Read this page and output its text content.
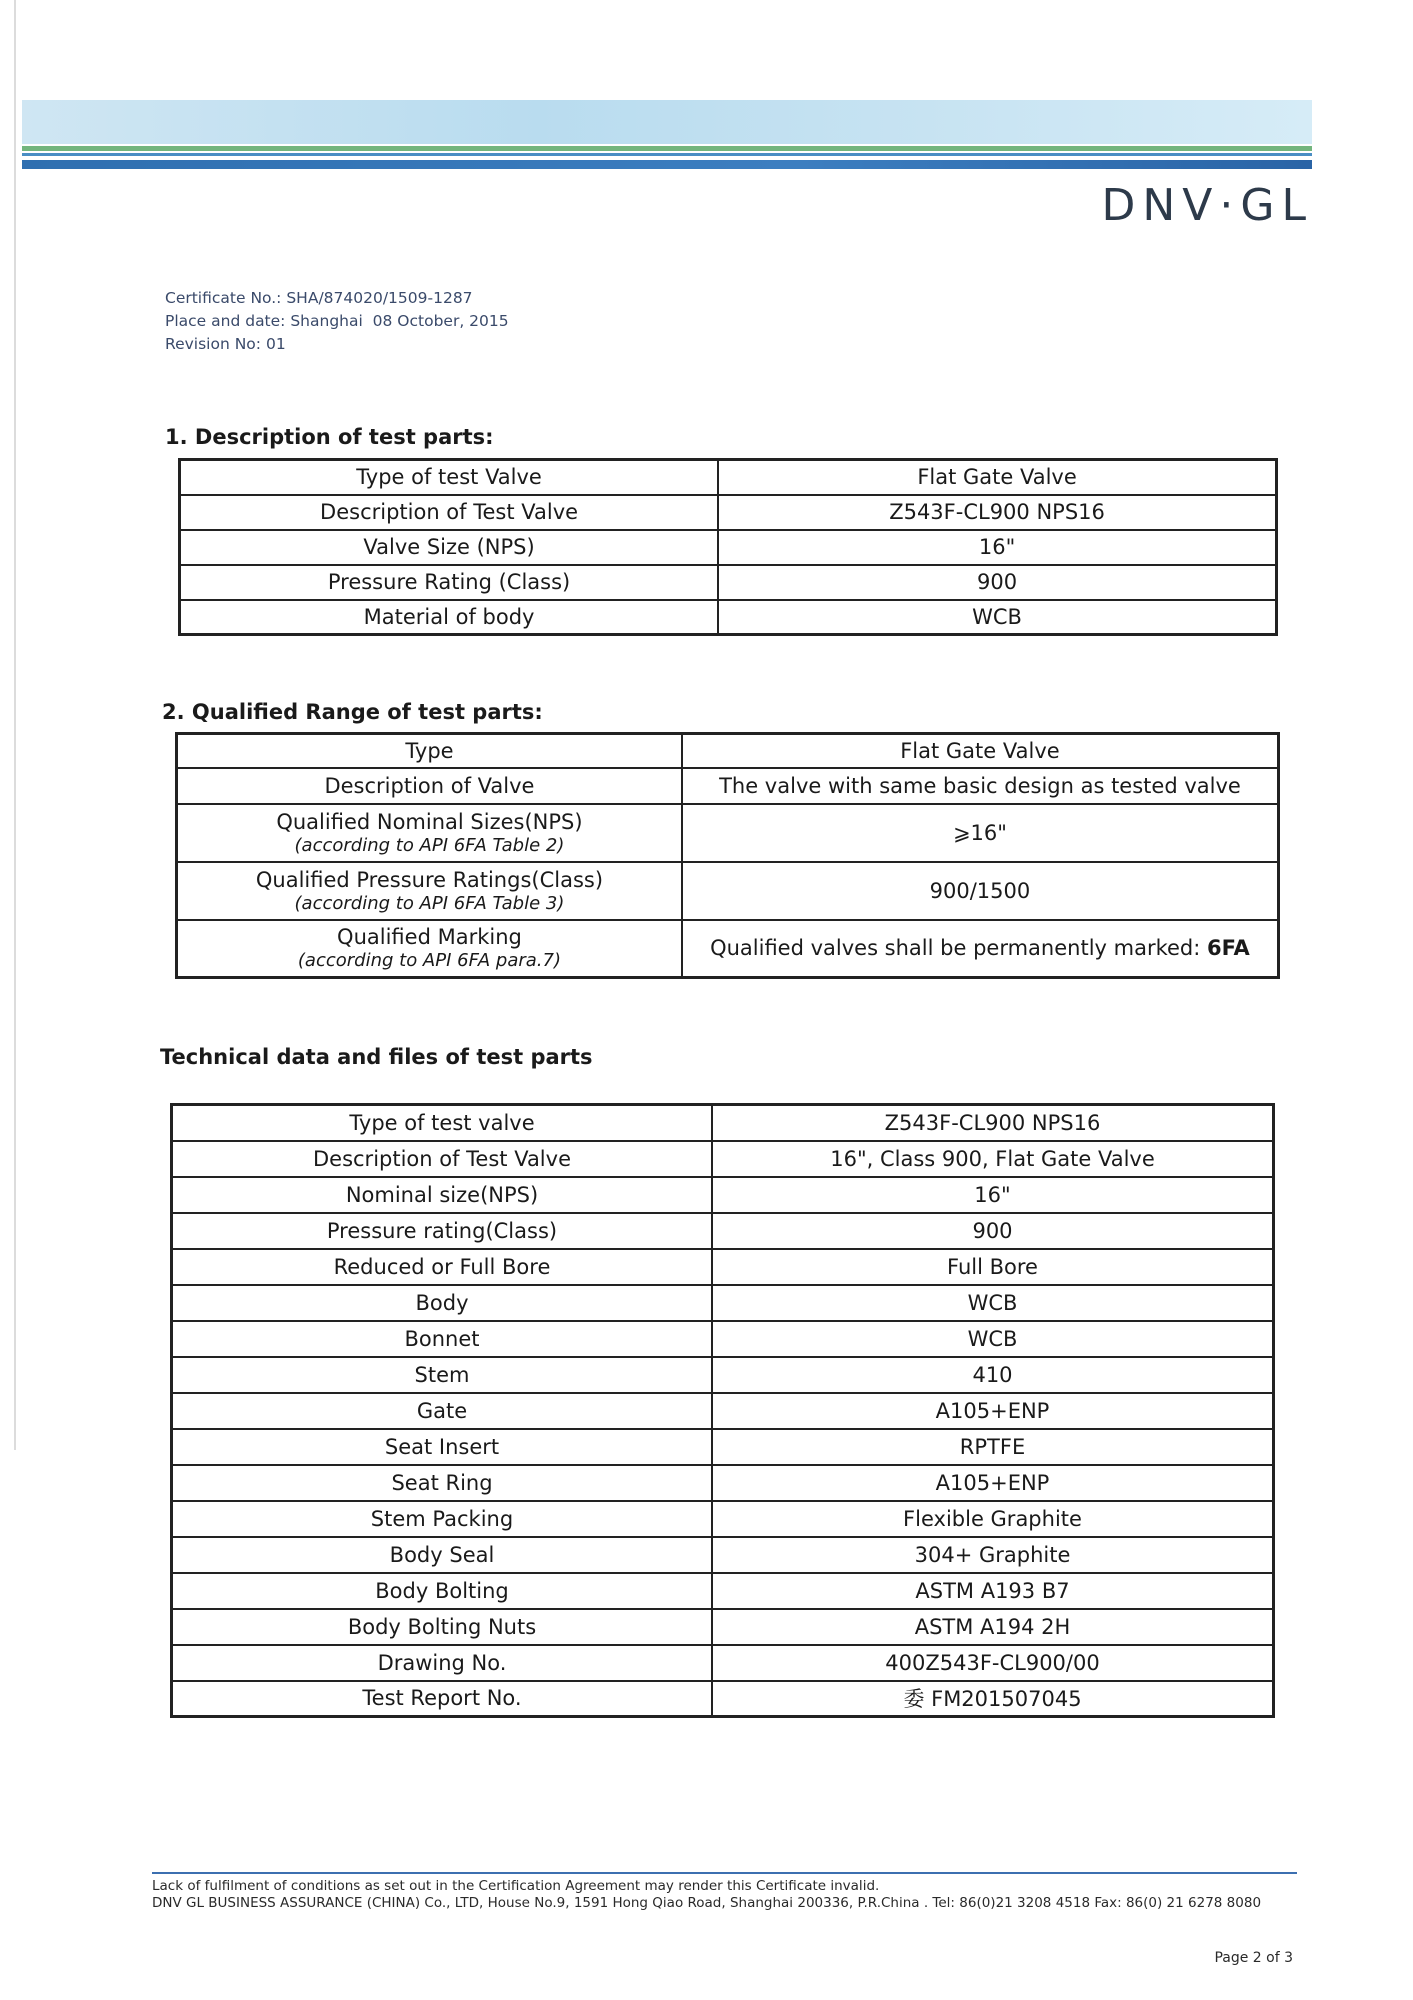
DNV·GL
Certificate No.: SHA/874020/1509-1287
Place and date: Shanghai  08 October, 2015
Revision No: 01
1. Description of test parts:
Type of test Valve	Flat Gate Valve
Description of Test Valve	Z543F-CL900 NPS16
Valve Size (NPS)	16"
Pressure Rating (Class)	900
Material of body	WCB
2. Qualified Range of test parts:
Type	Flat Gate Valve

Description of Valve	The valve with same basic design as tested valve

Qualified Nominal Sizes(NPS)
(according to API 6FA Table 2)	⩾16"

Qualified Pressure Ratings(Class)
(according to API 6FA Table 3)	900/1500

Qualified Marking
(according to API 6FA para.7)	Qualified valves shall be permanently marked: 6FA
Technical data and files of test parts
Type of test valve	Z543F-CL900 NPS16
Description of Test Valve	16", Class 900, Flat Gate Valve
Nominal size(NPS)	16"
Pressure rating(Class)	900
Reduced or Full Bore	Full Bore
Body	WCB
Bonnet	WCB
Stem	410
Gate	A105+ENP
Seat Insert	RPTFE
Seat Ring	A105+ENP
Stem Packing	Flexible Graphite
Body Seal	304+ Graphite
Body Bolting	ASTM A193 B7
Body Bolting Nuts	ASTM A194 2H
Drawing No.	400Z543F-CL900/00
Test Report No.	委 FM201507045
Lack of fulfilment of conditions as set out in the Certification Agreement may render this Certificate invalid.
DNV GL BUSINESS ASSURANCE (CHINA) Co., LTD, House No.9, 1591 Hong Qiao Road, Shanghai 200336, P.R.China . Tel: 86(0)21 3208 4518 Fax: 86(0) 21 6278 8080
Page 2 of 3
